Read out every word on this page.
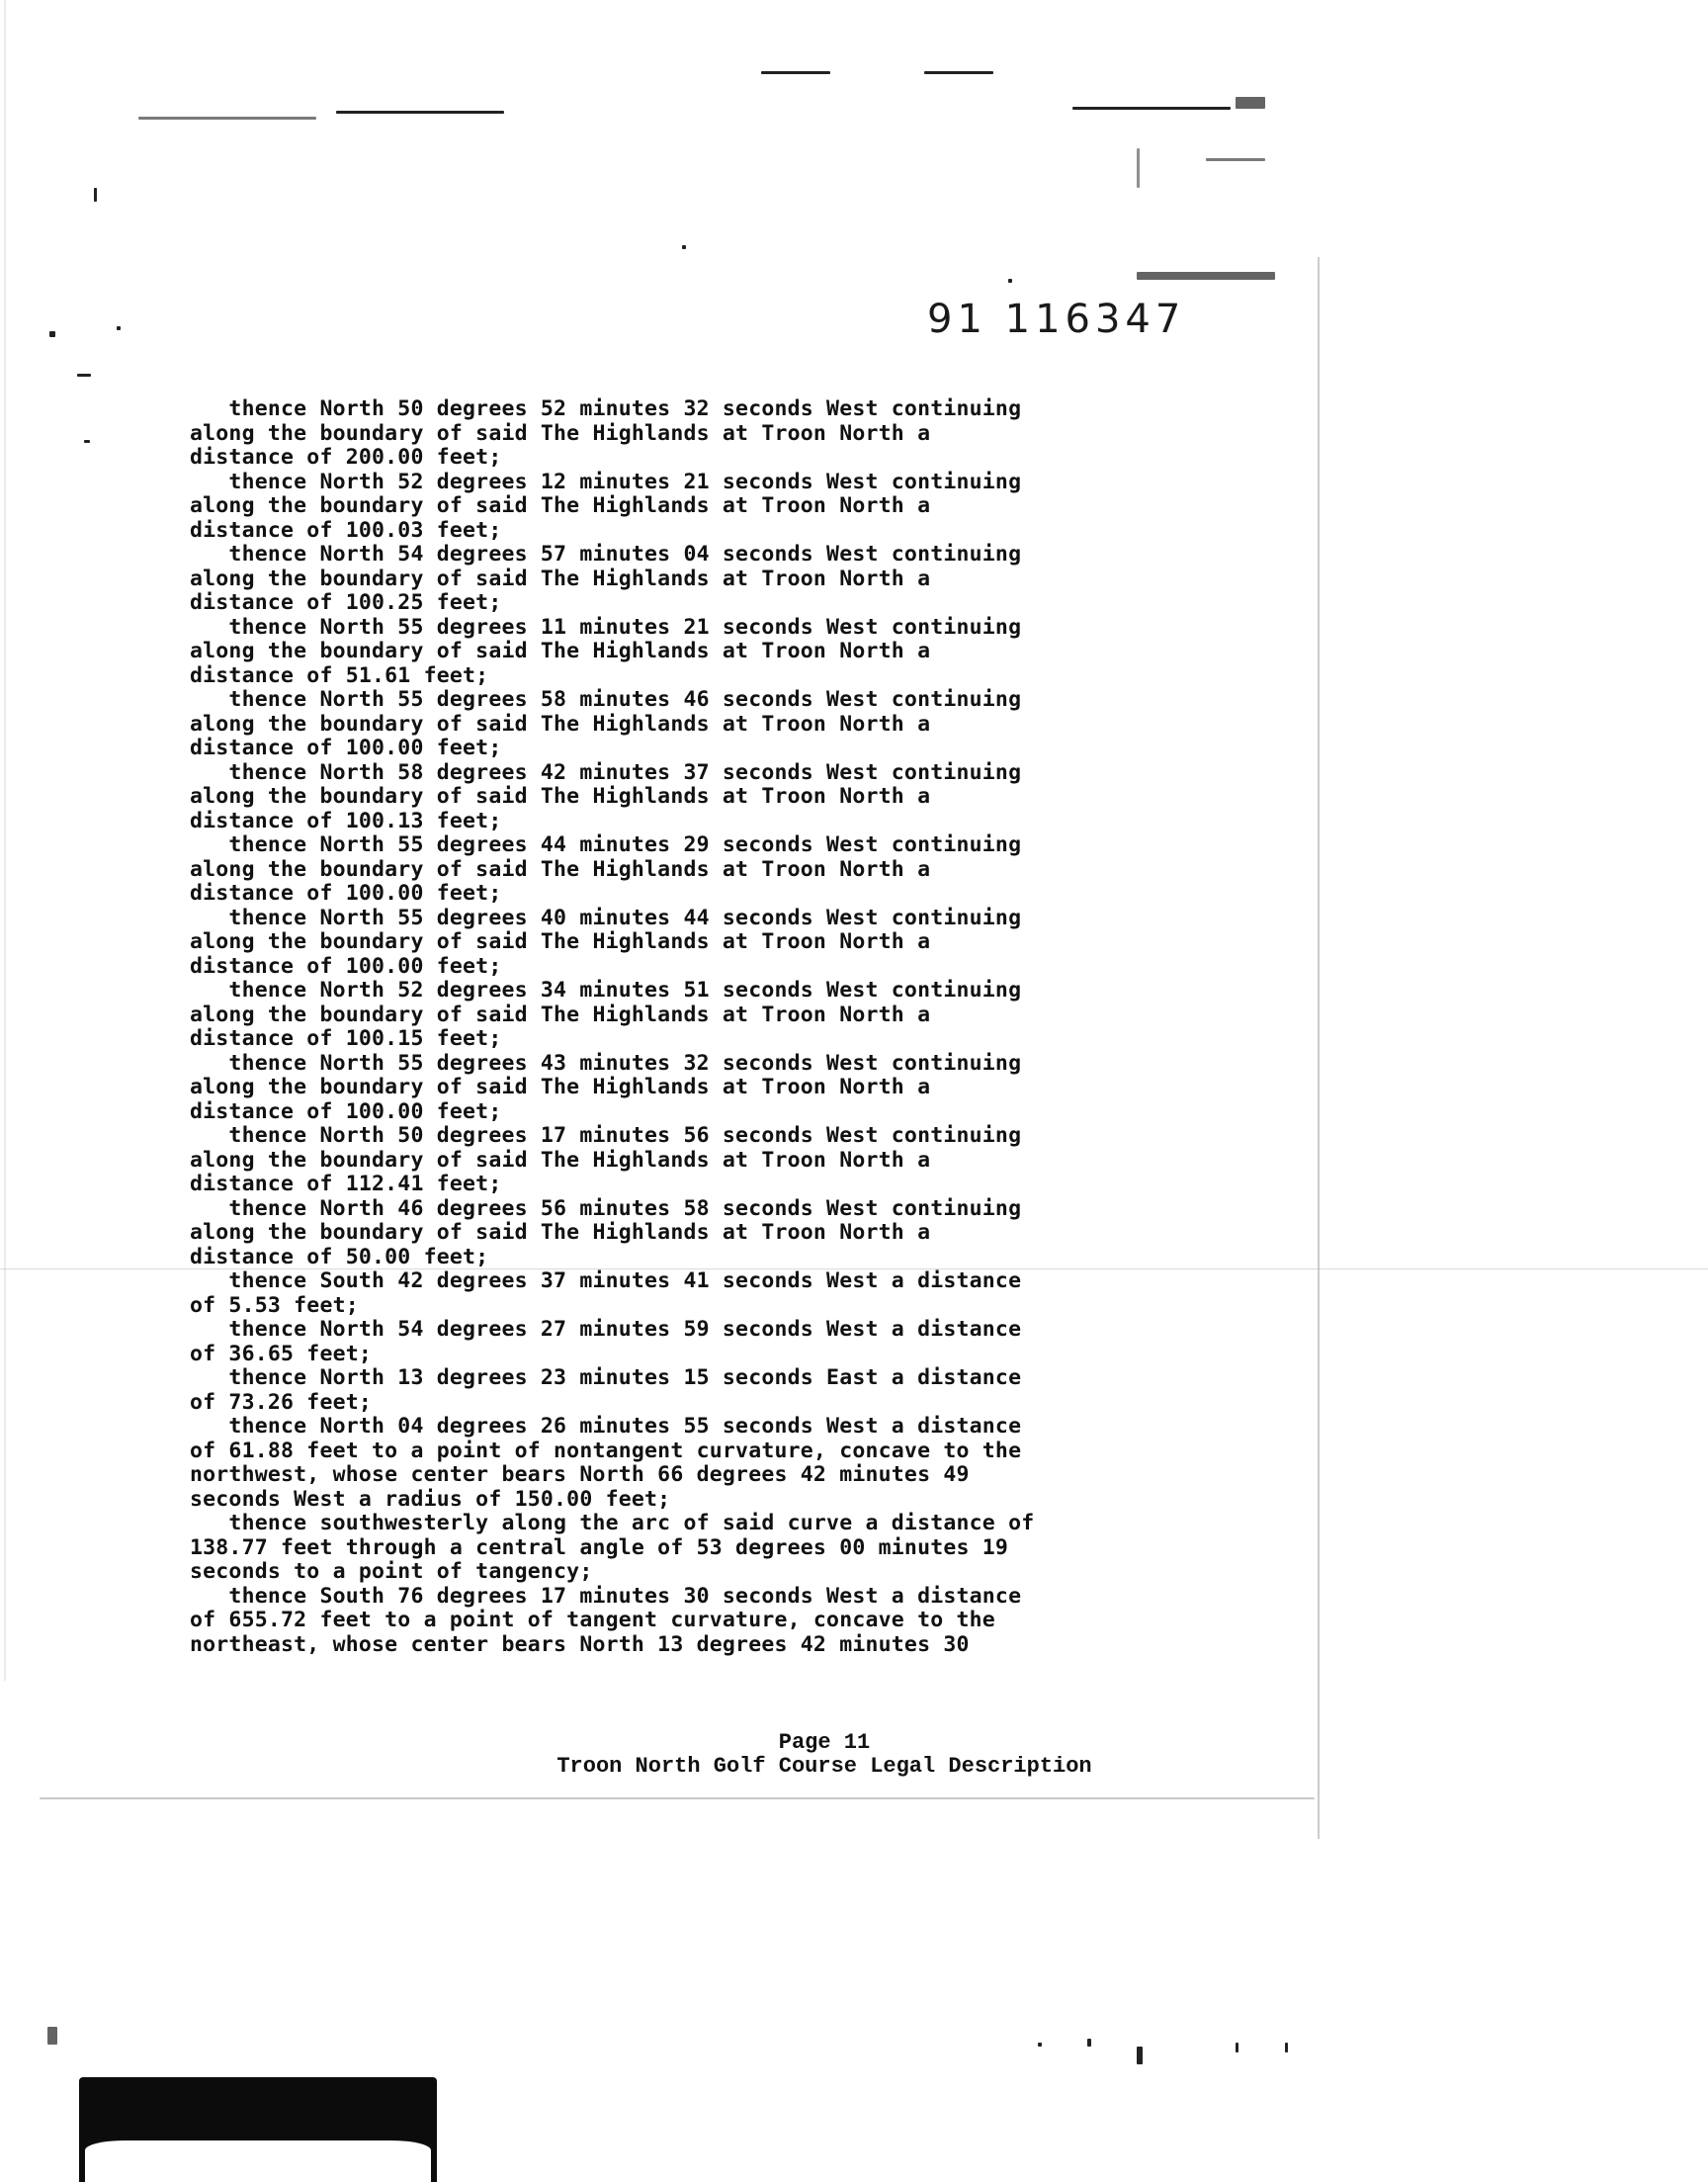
91 116347
thence North 50 degrees 52 minutes 32 seconds West continuing
along the boundary of said The Highlands at Troon North a
distance of 200.00 feet;
thence North 52 degrees 12 minutes 21 seconds West continuing
along the boundary of said The Highlands at Troon North a
distance of 100.03 feet;
thence North 54 degrees 57 minutes 04 seconds West continuing
along the boundary of said The Highlands at Troon North a
distance of 100.25 feet;
thence North 55 degrees 11 minutes 21 seconds West continuing
along the boundary of said The Highlands at Troon North a
distance of 51.61 feet;
thence North 55 degrees 58 minutes 46 seconds West continuing
along the boundary of said The Highlands at Troon North a
distance of 100.00 feet;
thence North 58 degrees 42 minutes 37 seconds West continuing
along the boundary of said The Highlands at Troon North a
distance of 100.13 feet;
thence North 55 degrees 44 minutes 29 seconds West continuing
along the boundary of said The Highlands at Troon North a
distance of 100.00 feet;
thence North 55 degrees 40 minutes 44 seconds West continuing
along the boundary of said The Highlands at Troon North a
distance of 100.00 feet;
thence North 52 degrees 34 minutes 51 seconds West continuing
along the boundary of said The Highlands at Troon North a
distance of 100.15 feet;
thence North 55 degrees 43 minutes 32 seconds West continuing
along the boundary of said The Highlands at Troon North a
distance of 100.00 feet;
thence North 50 degrees 17 minutes 56 seconds West continuing
along the boundary of said The Highlands at Troon North a
distance of 112.41 feet;
thence North 46 degrees 56 minutes 58 seconds West continuing
along the boundary of said The Highlands at Troon North a
distance of 50.00 feet;
thence South 42 degrees 37 minutes 41 seconds West a distance
of 5.53 feet;
thence North 54 degrees 27 minutes 59 seconds West a distance
of 36.65 feet;
thence North 13 degrees 23 minutes 15 seconds East a distance
of 73.26 feet;
thence North 04 degrees 26 minutes 55 seconds West a distance
of 61.88 feet to a point of nontangent curvature, concave to the
northwest, whose center bears North 66 degrees 42 minutes 49
seconds West a radius of 150.00 feet;
thence southwesterly along the arc of said curve a distance of
138.77 feet through a central angle of 53 degrees 00 minutes 19
seconds to a point of tangency;
thence South 76 degrees 17 minutes 30 seconds West a distance
of 655.72 feet to a point of tangent curvature, concave to the
northeast, whose center bears North 13 degrees 42 minutes 30
Page 11
Troon North Golf Course Legal Description
